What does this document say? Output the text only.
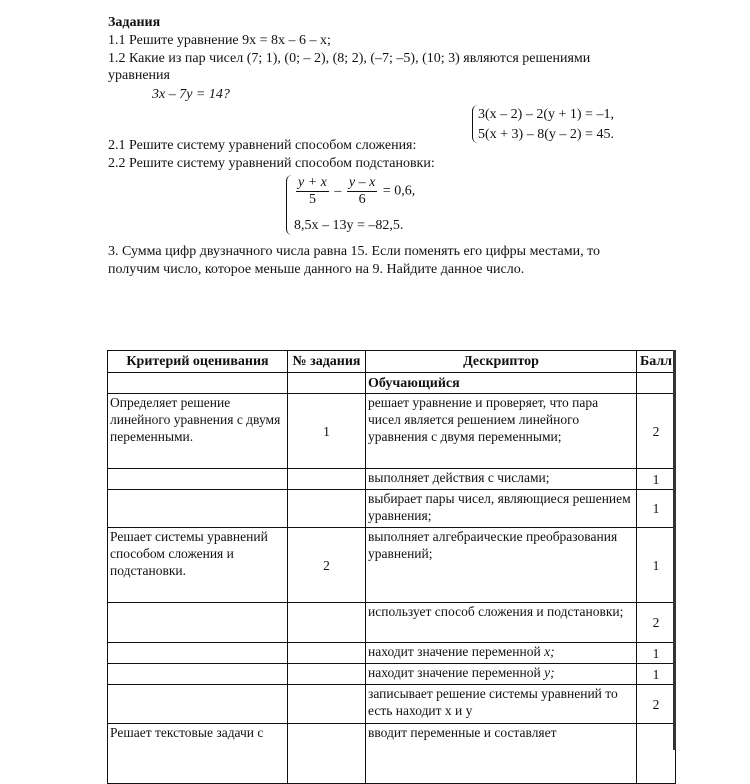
Задания
1.1 Решите уравнение 9х = 8х – 6 – х;
1.2 Какие из пар чисел (7; 1), (0; – 2), (8; 2), (–7; –5), (10; 3) являются решениями
уравнения
3x – 7y = 14?
3(x – 2) – 2(y + 1) = –1,
5(x + 3) – 8(y – 2) = 45.
2.1 Решите систему уравнений способом сложения:
2.2 Решите систему уравнений способом подстановки:
$\frac{y + x}{5} - \frac{y - x}{6} = 0,6$,
8,5x – 13y = –82,5.
3. Сумма цифр двузначного числа равна 15. Если поменять его цифры местами, то
получим число, которое меньше данного на 9. Найдите данное число.
Критерий оценивания	№ задания	Дескриптор	Балл
		Обучающийся	
Определяет решение линейного уравнения с двумя переменными.	1	решает уравнение и проверяет, что пара чисел является решением линейного уравнения с двумя переменными;	2
		выполняет действия с числами;	1
		выбирает пары чисел, являющиеся решением уравнения;	1
Решает системы уравнений способом сложения и подстановки.	2	выполняет алгебраические преобразования уравнений;	1
		использует способ сложения и подстановки;	2
		находит значение переменной x;	1
		находит значение переменной y;	1
		записывает решение системы уравнений то есть находит х и у	2
Решает текстовые задачи с		вводит переменные и составляет	
